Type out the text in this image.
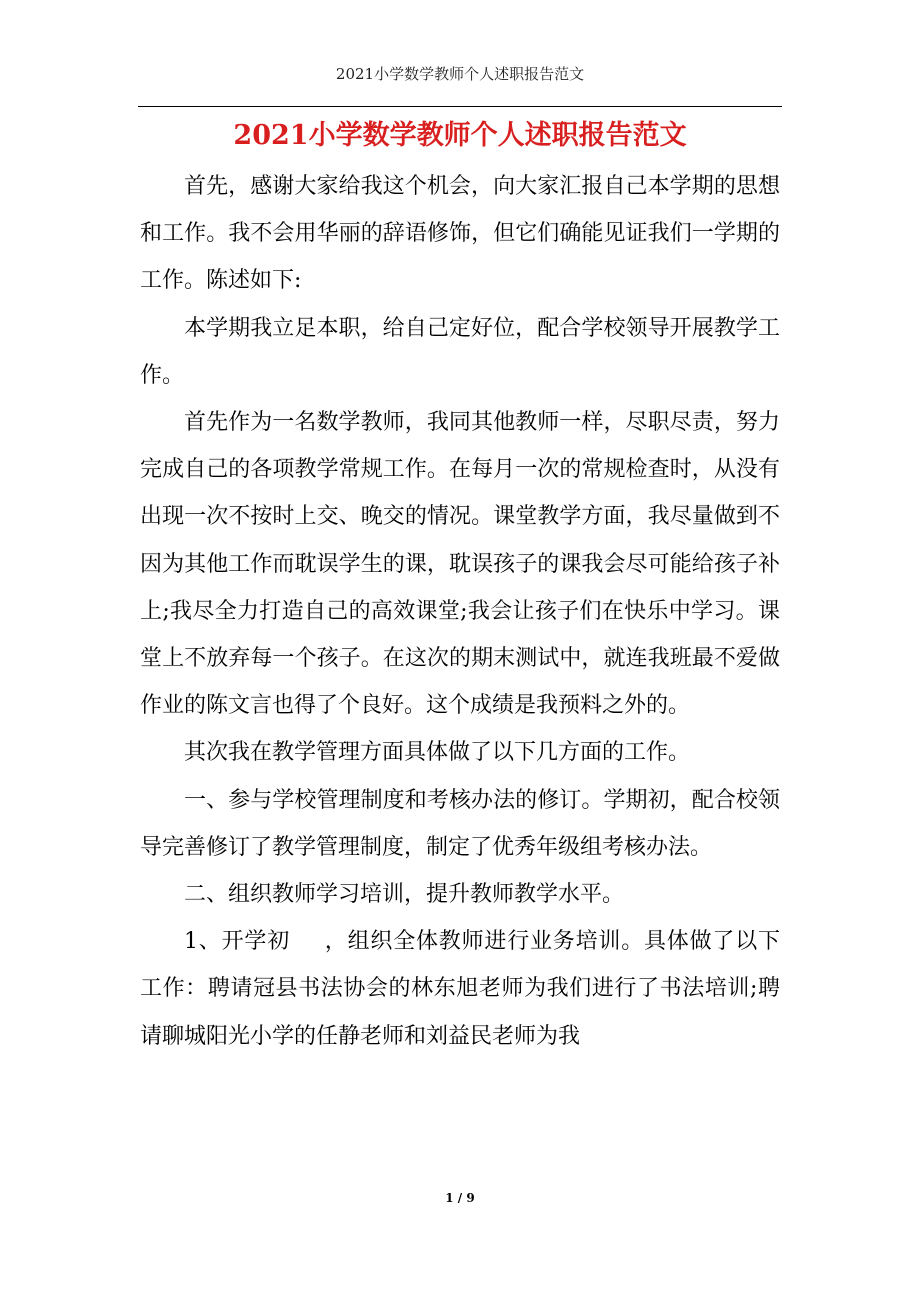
2021小学数学教师个人述职报告范文
2021小学数学教师个人述职报告范文

首先，感谢大家给我这个机会，向大家汇报自己本学期的思想和工作。我不会用华丽的辞语修饰，但它们确能见证我们一学期的工作。陈述如下:

本学期我立足本职，给自己定好位，配合学校领导开展教学工作。

首先作为一名数学教师，我同其他教师一样，尽职尽责，努力完成自己的各项教学常规工作。在每月一次的常规检查时，从没有出现一次不按时上交、晚交的情况。课堂教学方面，我尽量做到不因为其他工作而耽误学生的课，耽误孩子的课我会尽可能给孩子补上;我尽全力打造自己的高效课堂;我会让孩子们在快乐中学习。课堂上不放弃每一个孩子。在这次的期末测试中，就连我班最不爱做作业的陈文言也得了个良好。这个成绩是我预料之外的。

其次我在教学管理方面具体做了以下几方面的工作。

一、参与学校管理制度和考核办法的修订。学期初，配合校领导完善修订了教学管理制度，制定了优秀年级组考核办法。

二、组织教师学习培训，提升教师教学水平。

1、开学初 ，组织全体教师进行业务培训。具体做了以下工作：聘请冠县书法协会的林东旭老师为我们进行了书法培训;聘请聊城阳光小学的任静老师和刘益民老师为我

1 / 9
